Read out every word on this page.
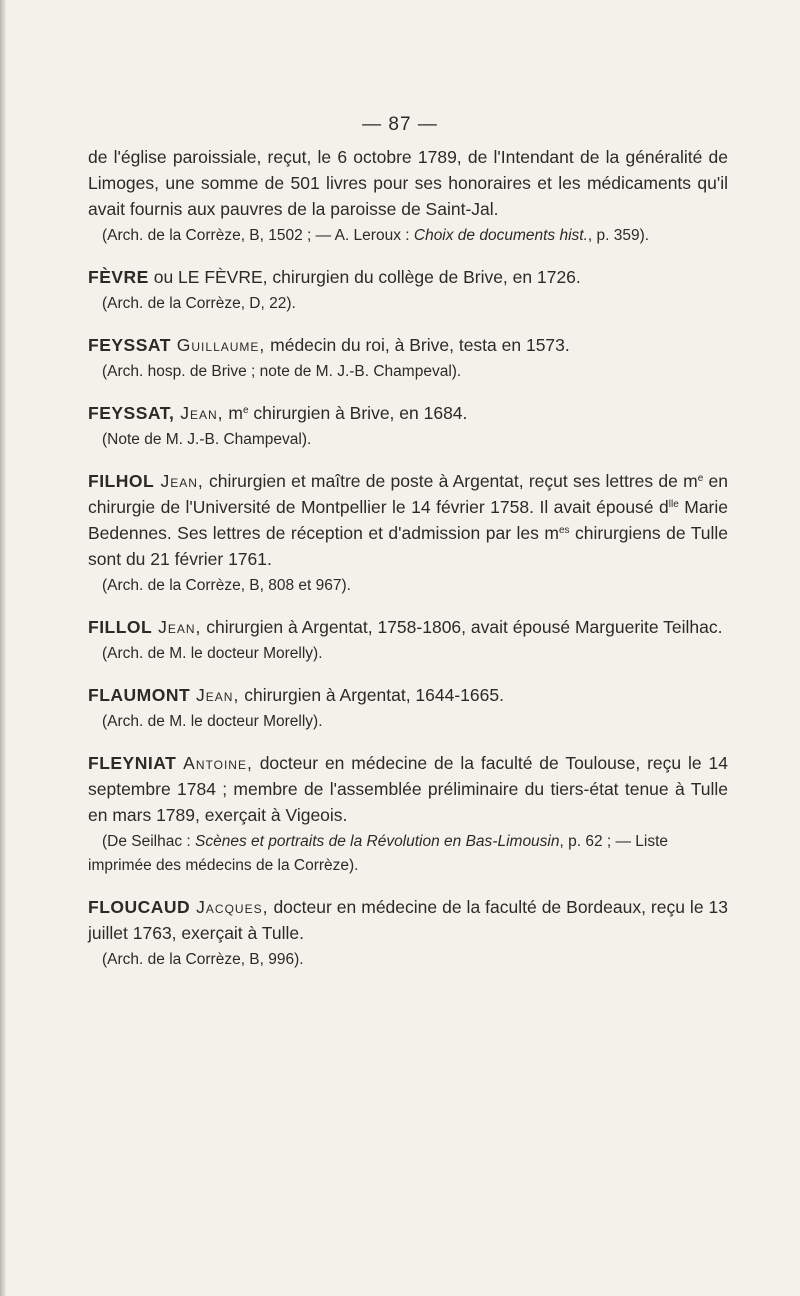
— 87 —

de l'église paroissiale, reçut, le 6 octobre 1789, de l'Intendant de la généralité de Limoges, une somme de 501 livres pour ses honoraires et les médicaments qu'il avait fournis aux pauvres de la paroisse de Saint-Jal.

(Arch. de la Corrèze, B, 1502 ; — A. Leroux : Choix de documents hist., p. 359).

FÈVRE ou LE FÈVRE, chirurgien du collège de Brive, en 1726.

(Arch. de la Corrèze, D, 22).

FEYSSAT Guillaume, médecin du roi, à Brive, testa en 1573.

(Arch. hosp. de Brive ; note de M. J.-B. Champeval).

FEYSSAT, Jean, $m^e$ chirurgien à Brive, en 1684.

(Note de M. J.-B. Champeval).

FILHOL Jean, chirurgien et maître de poste à Argentat, reçut ses lettres de $m^e$ en chirurgie de l'Université de Montpellier le 14 février 1758. Il avait épousé $d^{lle}$ Marie Bedennes. Ses lettres de réception et d'admission par les $m^{es}$ chirurgiens de Tulle sont du 21 février 1761.

(Arch. de la Corrèze, B, 808 et 967).

FILLOL Jean, chirurgien à Argentat, 1758-1806, avait épousé Marguerite Teilhac.

(Arch. de M. le docteur Morelly).

FLAUMONT Jean, chirurgien à Argentat, 1644-1665.

(Arch. de M. le docteur Morelly).

FLEYNIAT Antoine, docteur en médecine de la faculté de Toulouse, reçu le 14 septembre 1784 ; membre de l'assemblée préliminaire du tiers-état tenue à Tulle en mars 1789, exerçait à Vigeois.

(De Seilhac : Scènes et portraits de la Révolution en Bas-Limousin, p. 62 ; — Liste imprimée des médecins de la Corrèze).

FLOUCAUD Jacques, docteur en médecine de la faculté de Bordeaux, reçu le 13 juillet 1763, exerçait à Tulle.

(Arch. de la Corrèze, B, 996).
